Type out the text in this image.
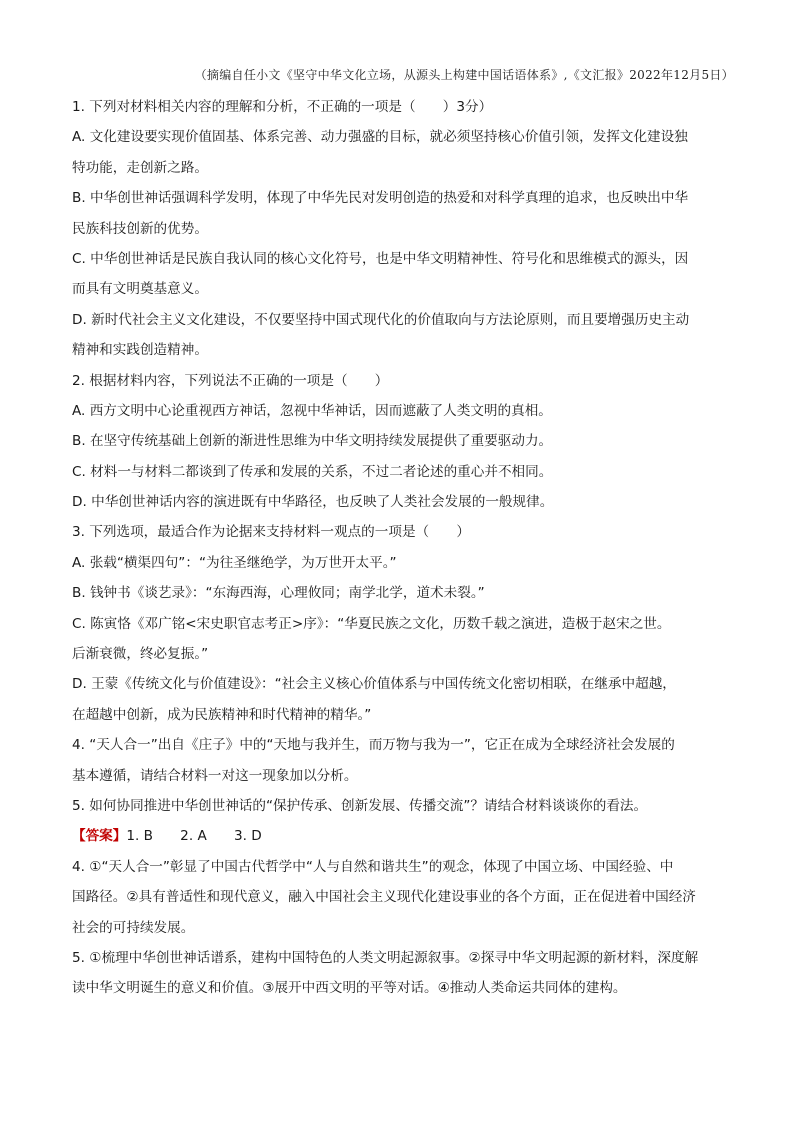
（摘编自任小文《坚守中华文化立场，从源头上构建中国话语体系》,《文汇报》2022年12月5日）
1. 下列对材料相关内容的理解和分析，不正确的一项是（　　）3分）
A. 文化建设要实现价值固基、体系完善、动力强盛的目标，就必须坚持核心价值引领，发挥文化建设独
特功能，走创新之路。
B. 中华创世神话强调科学发明，体现了中华先民对发明创造的热爱和对科学真理的追求，也反映出中华
民族科技创新的优势。
C. 中华创世神话是民族自我认同的核心文化符号，也是中华文明精神性、符号化和思维模式的源头，因
而具有文明奠基意义。
D. 新时代社会主义文化建设，不仅要坚持中国式现代化的价值取向与方法论原则，而且要增强历史主动
精神和实践创造精神。
2. 根据材料内容，下列说法不正确的一项是（　　）
A. 西方文明中心论重视西方神话，忽视中华神话，因而遮蔽了人类文明的真相。
B. 在坚守传统基础上创新的渐进性思维为中华文明持续发展提供了重要驱动力。
C. 材料一与材料二都谈到了传承和发展的关系，不过二者论述的重心并不相同。
D. 中华创世神话内容的演进既有中华路径，也反映了人类社会发展的一般规律。
3. 下列选项，最适合作为论据来支持材料一观点的一项是（　　）
A. 张载“横渠四句”：“为往圣继绝学，为万世开太平。”
B. 钱钟书《谈艺录》：“东海西海，心理攸同；南学北学，道术未裂。”
C. 陈寅恪《邓广铭<宋史职官志考正>序》：“华夏民族之文化，历数千载之演进，造极于赵宋之世。
后渐衰微，终必复振。”
D. 王蒙《传统文化与价值建设》：“社会主义核心价值体系与中国传统文化密切相联，在继承中超越，
在超越中创新，成为民族精神和时代精神的精华。”
4. “天人合一”出自《庄子》中的“天地与我并生，而万物与我为一”，它正在成为全球经济社会发展的
基本遵循，请结合材料一对这一现象加以分析。
5. 如何协同推进中华创世神话的“保护传承、创新发展、传播交流”？请结合材料谈谈你的看法。
【答案】1. B　　2. A　　3. D
4. ①“天人合一”彰显了中国古代哲学中“人与自然和谐共生”的观念，体现了中国立场、中国经验、中
国路径。②具有普适性和现代意义，融入中国社会主义现代化建设事业的各个方面，正在促进着中国经济
社会的可持续发展。
5. ①梳理中华创世神话谱系，建构中国特色的人类文明起源叙事。②探寻中华文明起源的新材料，深度解
读中华文明诞生的意义和价值。③展开中西文明的平等对话。④推动人类命运共同体的建构。
